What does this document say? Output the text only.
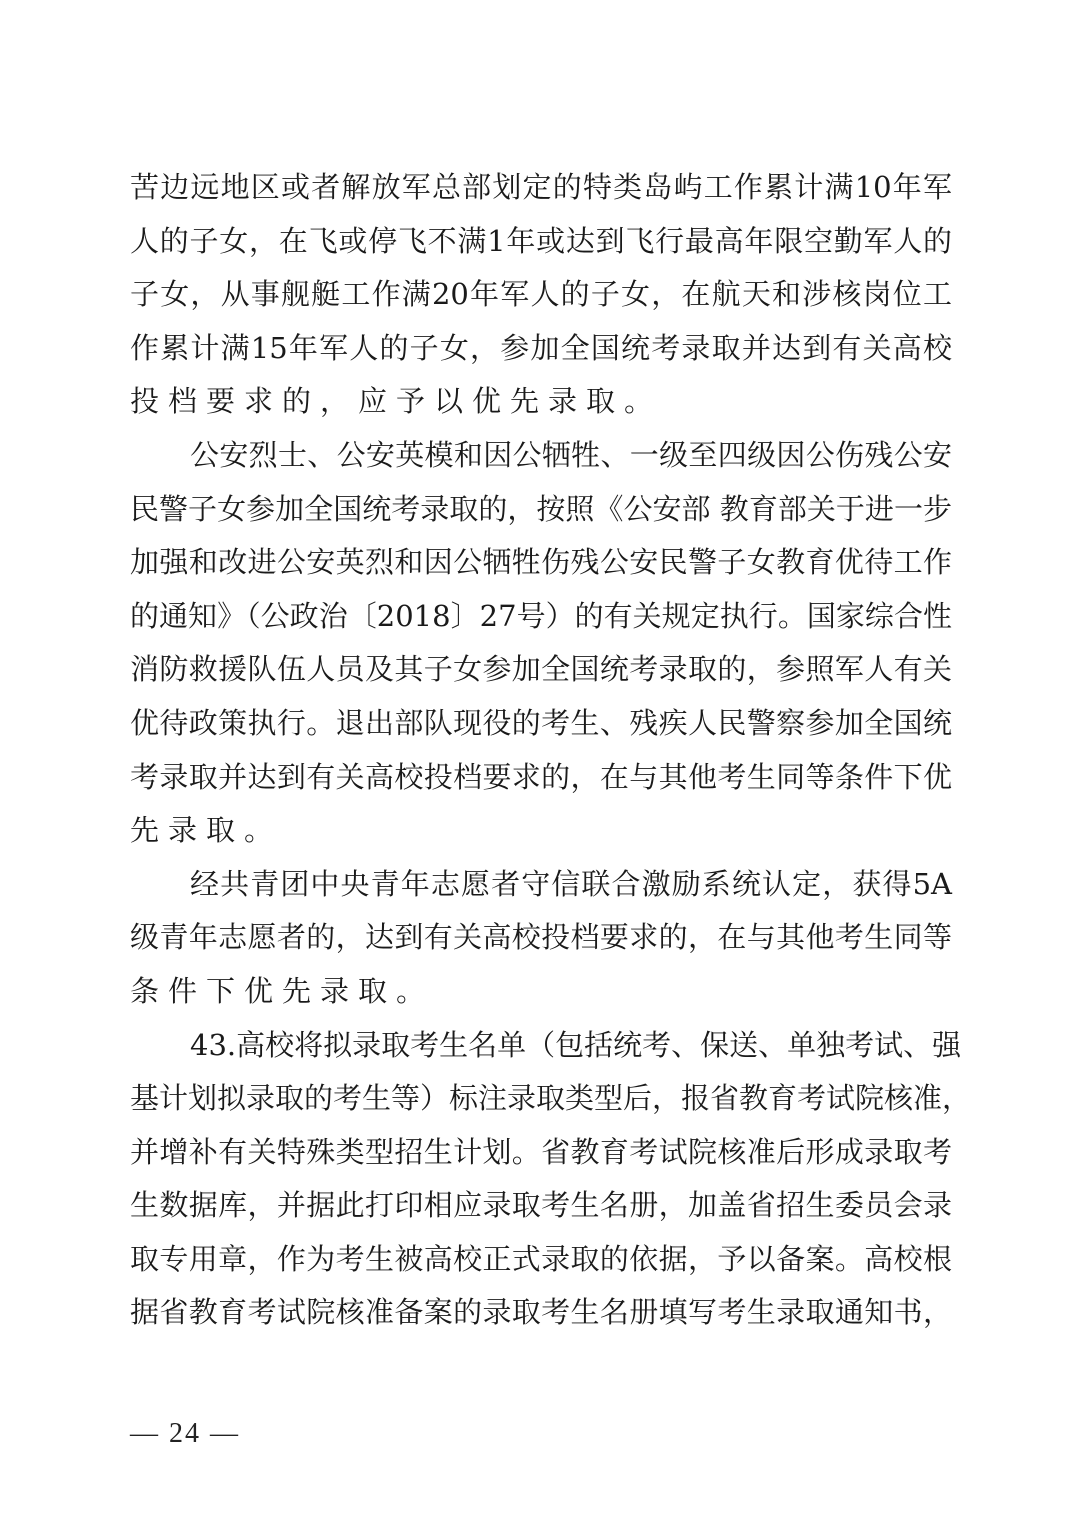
苦边远地区或者解放军总部划定的特类岛屿工作累计满10年军
人的子女，在飞或停飞不满1年或达到飞行最高年限空勤军人的
子女，从事舰艇工作满20年军人的子女，在航天和涉核岗位工
作累计满15年军人的子女，参加全国统考录取并达到有关高校
投档要求的，应予以优先录取。
公安烈士、公安英模和因公牺牲、一级至四级因公伤残公安
民警子女参加全国统考录取的，按照《公安部 教育部关于进一步
加强和改进公安英烈和因公牺牲伤残公安民警子女教育优待工作
的通知》（公政治〔2018〕27号）的有关规定执行。国家综合性
消防救援队伍人员及其子女参加全国统考录取的，参照军人有关
优待政策执行。退出部队现役的考生、残疾人民警察参加全国统
考录取并达到有关高校投档要求的，在与其他考生同等条件下优
先录取。
经共青团中央青年志愿者守信联合激励系统认定，获得5A
级青年志愿者的，达到有关高校投档要求的，在与其他考生同等
条件下优先录取。
43.高校将拟录取考生名单（包括统考、保送、单独考试、强
基计划拟录取的考生等）标注录取类型后，报省教育考试院核准，
并增补有关特殊类型招生计划。省教育考试院核准后形成录取考
生数据库，并据此打印相应录取考生名册，加盖省招生委员会录
取专用章，作为考生被高校正式录取的依据，予以备案。高校根
据省教育考试院核准备案的录取考生名册填写考生录取通知书，
— 24 —
